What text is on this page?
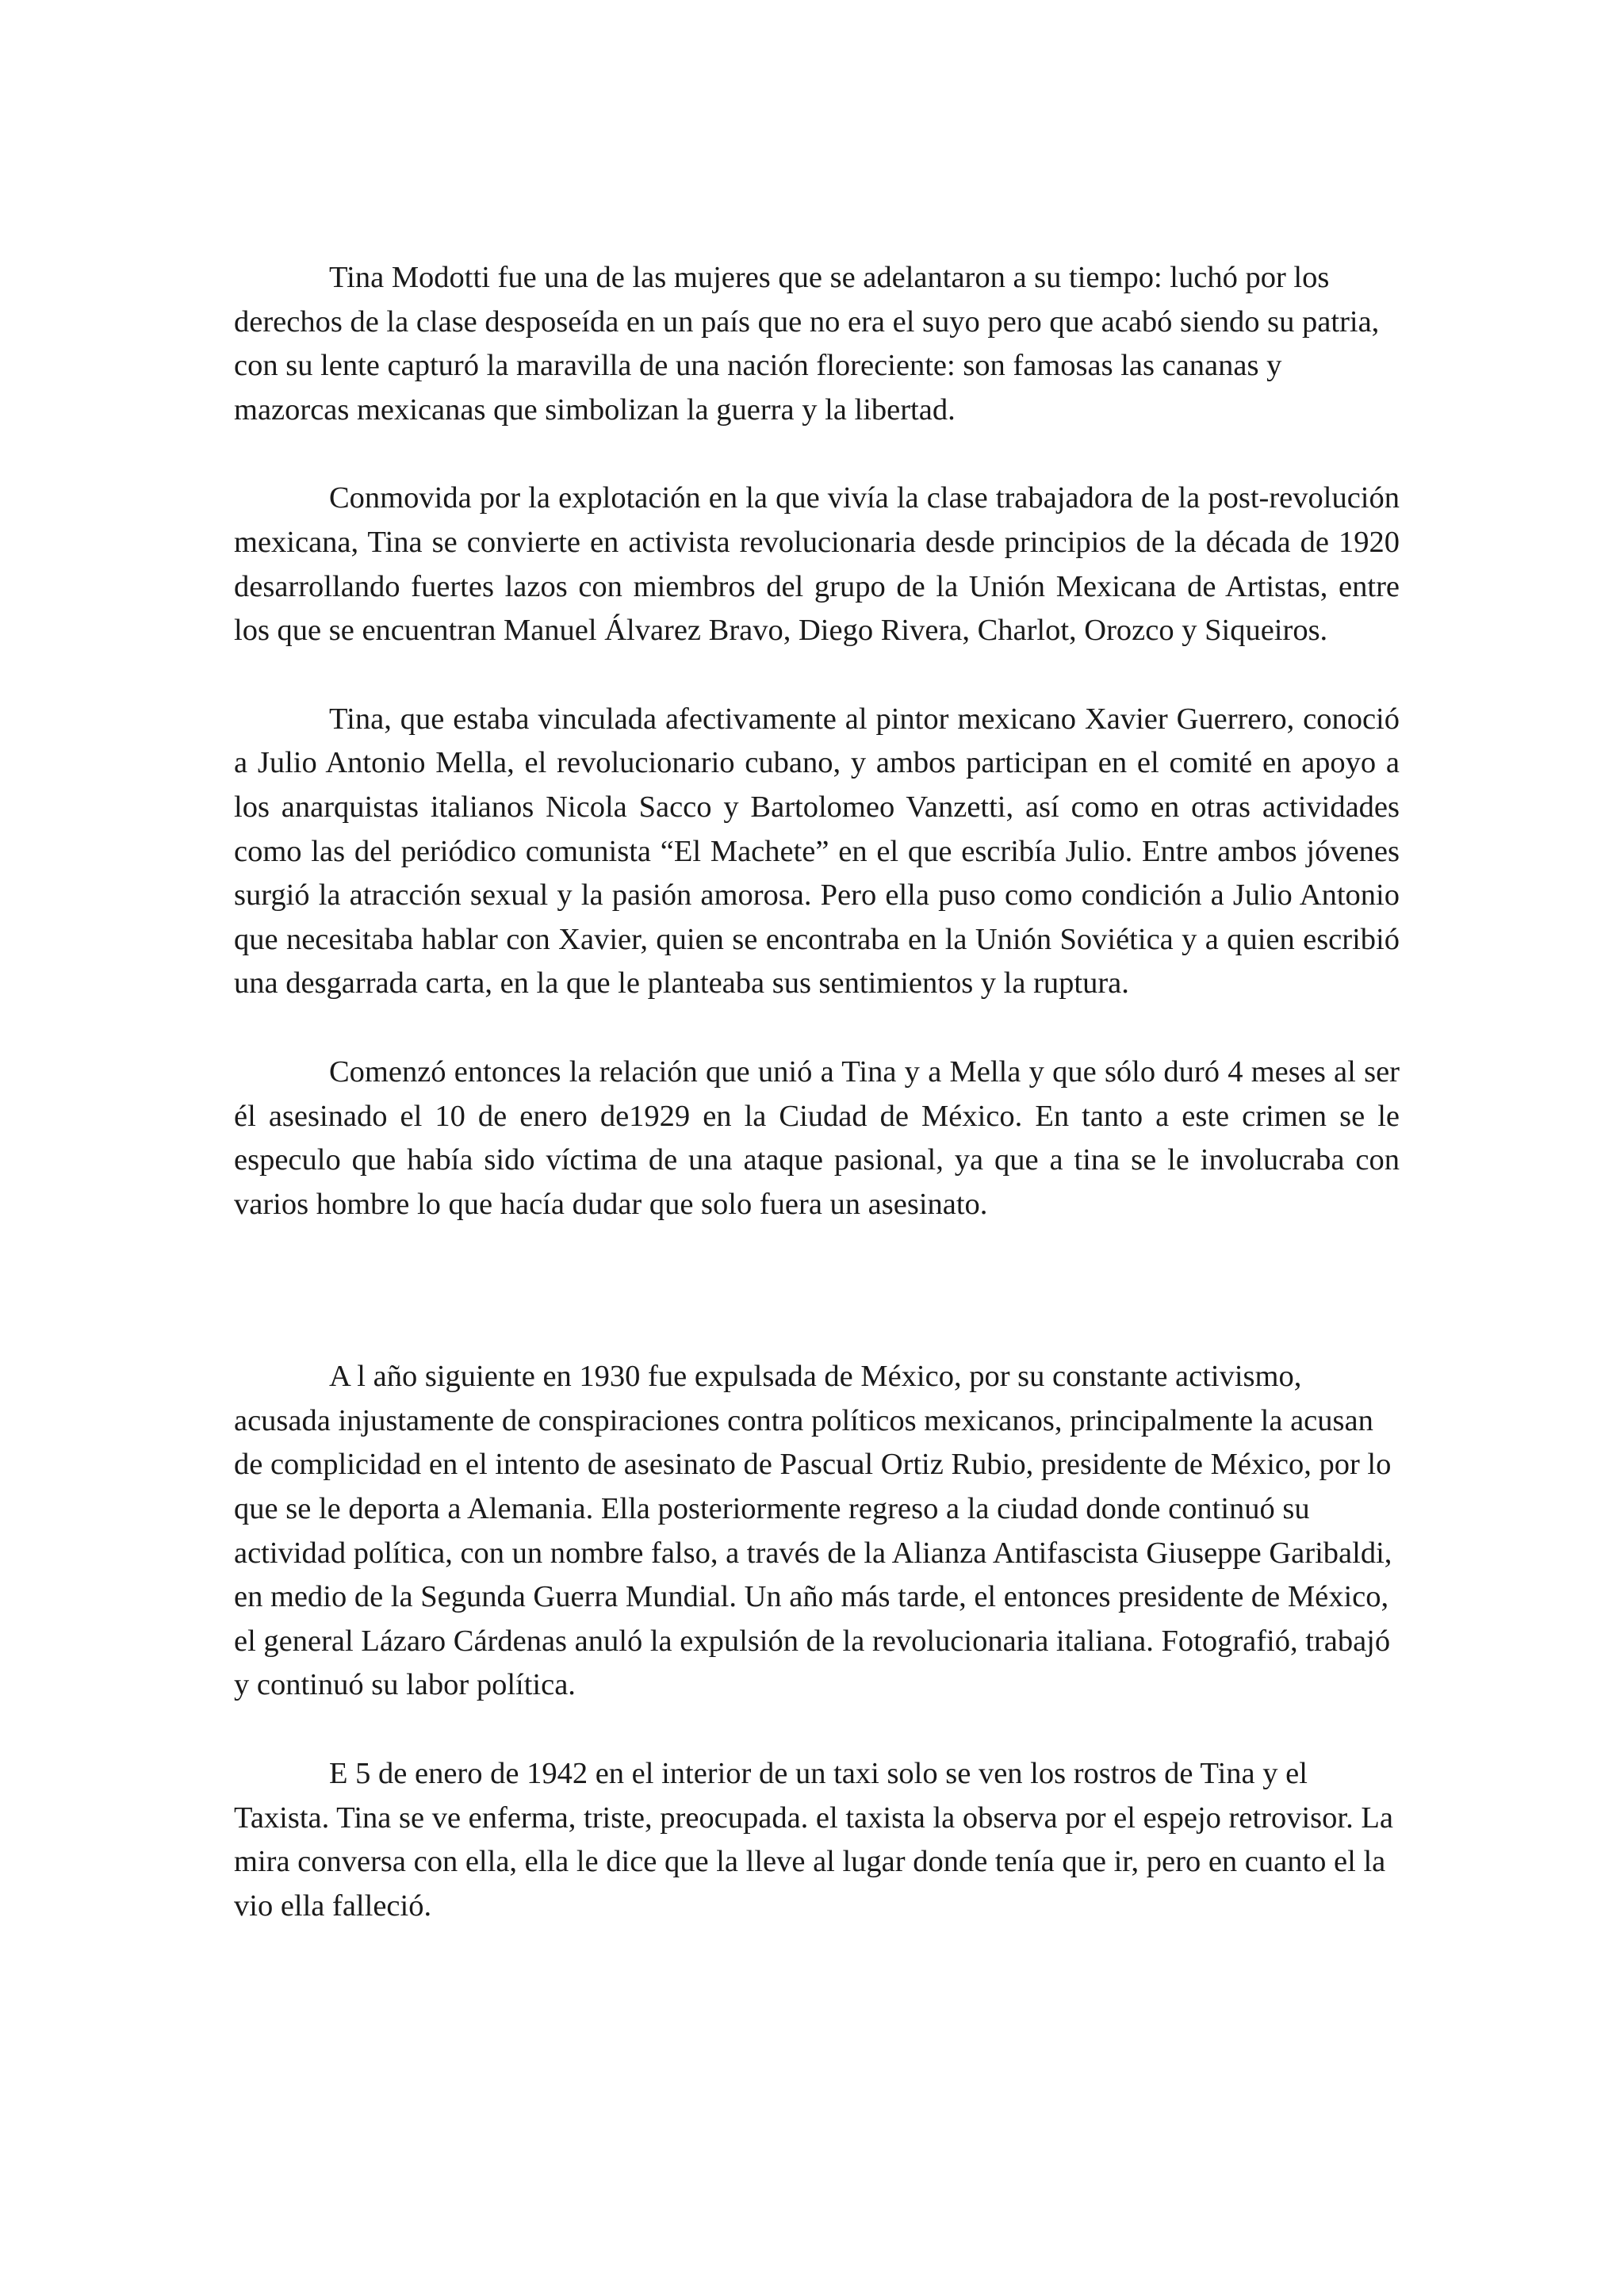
Tina Modotti fue una de las mujeres que se adelantaron a su tiempo: luchó por los derechos de la clase desposeída en un país que no era el suyo pero que acabó siendo su patria, con su lente capturó la maravilla de una nación floreciente: son famosas las cananas y mazorcas mexicanas que simbolizan la guerra y la libertad.

Conmovida por la explotación en la que vivía la clase trabajadora de la post-revolución mexicana, Tina se convierte en activista revolucionaria desde principios de la década de 1920 desarrollando fuertes lazos con miembros del grupo de la Unión Mexicana de Artistas, entre los que se encuentran Manuel Álvarez Bravo, Diego Rivera, Charlot, Orozco y Siqueiros.

Tina, que estaba vinculada afectivamente al pintor mexicano Xavier Guerrero, conoció a Julio Antonio Mella, el revolucionario cubano, y ambos participan en el comité en apoyo a los anarquistas italianos Nicola Sacco y Bartolomeo Vanzetti, así como en otras actividades como las del periódico comunista “El Machete” en el que escribía Julio. Entre ambos jóvenes surgió la atracción sexual y la pasión amorosa. Pero ella puso como condición a Julio Antonio que necesitaba hablar con Xavier, quien se encontraba en la Unión Soviética y a quien escribió una desgarrada carta, en la que le planteaba sus sentimientos y la ruptura.

Comenzó entonces la relación que unió a Tina y a Mella y que sólo duró 4 meses al ser él asesinado el 10 de enero de1929 en la Ciudad de México. En tanto a este crimen se le especulo que había sido víctima de una ataque pasional, ya que a tina se le involucraba con varios hombre lo que hacía dudar que solo fuera un asesinato.

A l año siguiente en 1930 fue expulsada de México, por su constante activismo, acusada injustamente de conspiraciones contra políticos mexicanos, principalmente la acusan de complicidad en el intento de asesinato de Pascual Ortiz Rubio, presidente de México, por lo que se le deporta a Alemania. Ella posteriormente regreso a la ciudad donde continuó su actividad política, con un nombre falso, a través de la Alianza Antifascista Giuseppe Garibaldi, en medio de la Segunda Guerra Mundial. Un año más tarde, el entonces presidente de México, el general Lázaro Cárdenas anuló la expulsión de la revolucionaria italiana. Fotografió, trabajó y continuó su labor política.

E 5 de enero de 1942 en el interior de un taxi solo se ven los rostros de Tina y el Taxista. Tina se ve enferma, triste, preocupada. el taxista la observa por el espejo retrovisor. La mira conversa con ella, ella le dice que la lleve al lugar donde tenía que ir, pero en cuanto el la vio ella falleció.
